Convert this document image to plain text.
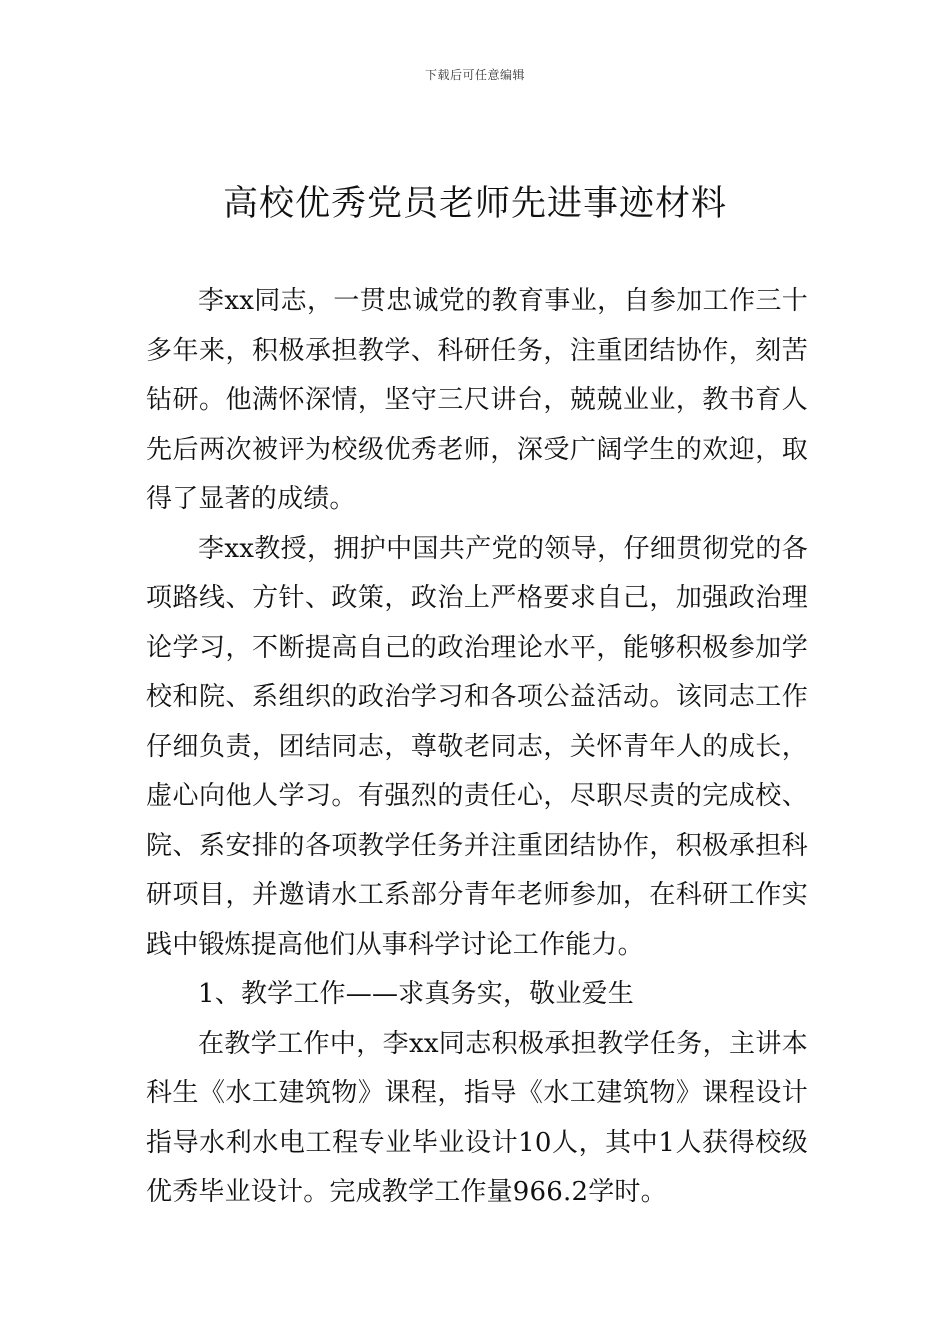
下载后可任意编辑
高校优秀党员老师先进事迹材料

李xx同志，一贯忠诚党的教育事业，自参加工作三十多年来，积极承担教学、科研任务，注重团结协作，刻苦钻研。他满怀深情，坚守三尺讲台，兢兢业业，教书育人先后两次被评为校级优秀老师，深受广阔学生的欢迎，取得了显著的成绩。

李xx教授，拥护中国共产党的领导，仔细贯彻党的各项路线、方针、政策，政治上严格要求自己，加强政治理论学习，不断提高自己的政治理论水平，能够积极参加学校和院、系组织的政治学习和各项公益活动。该同志工作仔细负责，团结同志，尊敬老同志，关怀青年人的成长，虚心向他人学习。有强烈的责任心，尽职尽责的完成校、院、系安排的各项教学任务并注重团结协作，积极承担科研项目，并邀请水工系部分青年老师参加，在科研工作实践中锻炼提高他们从事科学讨论工作能力。

1、教学工作——求真务实，敬业爱生

在教学工作中，李xx同志积极承担教学任务，主讲本科生《水工建筑物》课程，指导《水工建筑物》课程设计指导水利水电工程专业毕业设计10人，其中1人获得校级优秀毕业设计。完成教学工作量966.2学时。
